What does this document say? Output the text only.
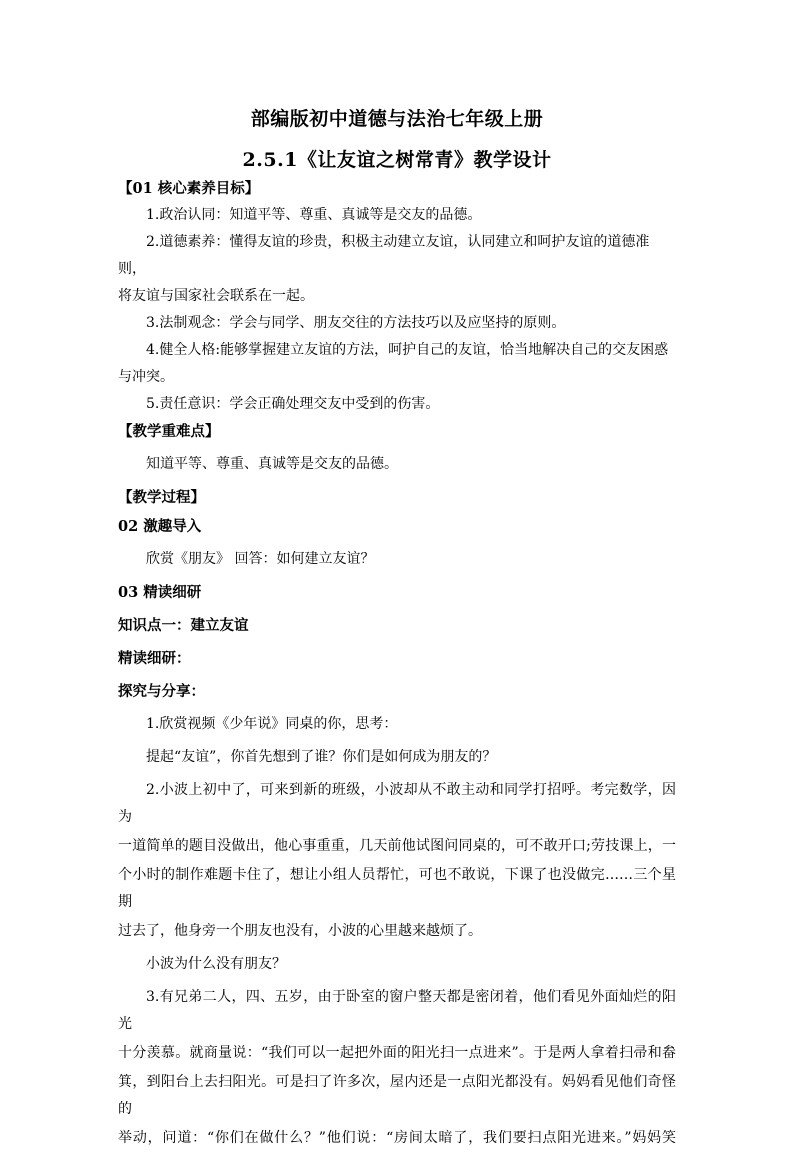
部编版初中道德与法治七年级上册
2.5.1《让友谊之树常青》教学设计

【01 核心素养目标】

1.政治认同：知道平等、尊重、真诚等是交友的品德。

2.道德素养：懂得友谊的珍贵，积极主动建立友谊，认同建立和呵护友谊的道德准则，

将友谊与国家社会联系在一起。

3.法制观念：学会与同学、朋友交往的方法技巧以及应坚持的原则。

4.健全人格:能够掌握建立友谊的方法，呵护自己的友谊，恰当地解决自己的交友困惑

与冲突。

5.责任意识：学会正确处理交友中受到的伤害。

【教学重难点】

知道平等、尊重、真诚等是交友的品德。

【教学过程】

02 激趣导入

欣赏《朋友》 回答：如何建立友谊？

03 精读细研

知识点一：建立友谊

精读细研：

探究与分享：

1.欣赏视频《少年说》同桌的你，思考：

提起“友谊”，你首先想到了谁？你们是如何成为朋友的？

2.小波上初中了，可来到新的班级，小波却从不敢主动和同学打招呼。考完数学，因为

一道简单的题目没做出，他心事重重，几天前他试图问同桌的，可不敢开口;劳技课上，一

个小时的制作难题卡住了，想让小组人员帮忙，可也不敢说，下课了也没做完……三个星期

过去了，他身旁一个朋友也没有，小波的心里越来越烦了。

小波为什么没有朋友？

3.有兄弟二人，四、五岁，由于卧室的窗户整天都是密闭着，他们看见外面灿烂的阳光

十分羡慕。就商量说：“我们可以一起把外面的阳光扫一点进来”。于是两人拿着扫帚和畚

箕，到阳台上去扫阳光。可是扫了许多次，屋内还是一点阳光都没有。妈妈看见他们奇怪的

举动，问道：“你们在做什么？”他们说：“房间太暗了，我们要扫点阳光进来。”妈妈笑
